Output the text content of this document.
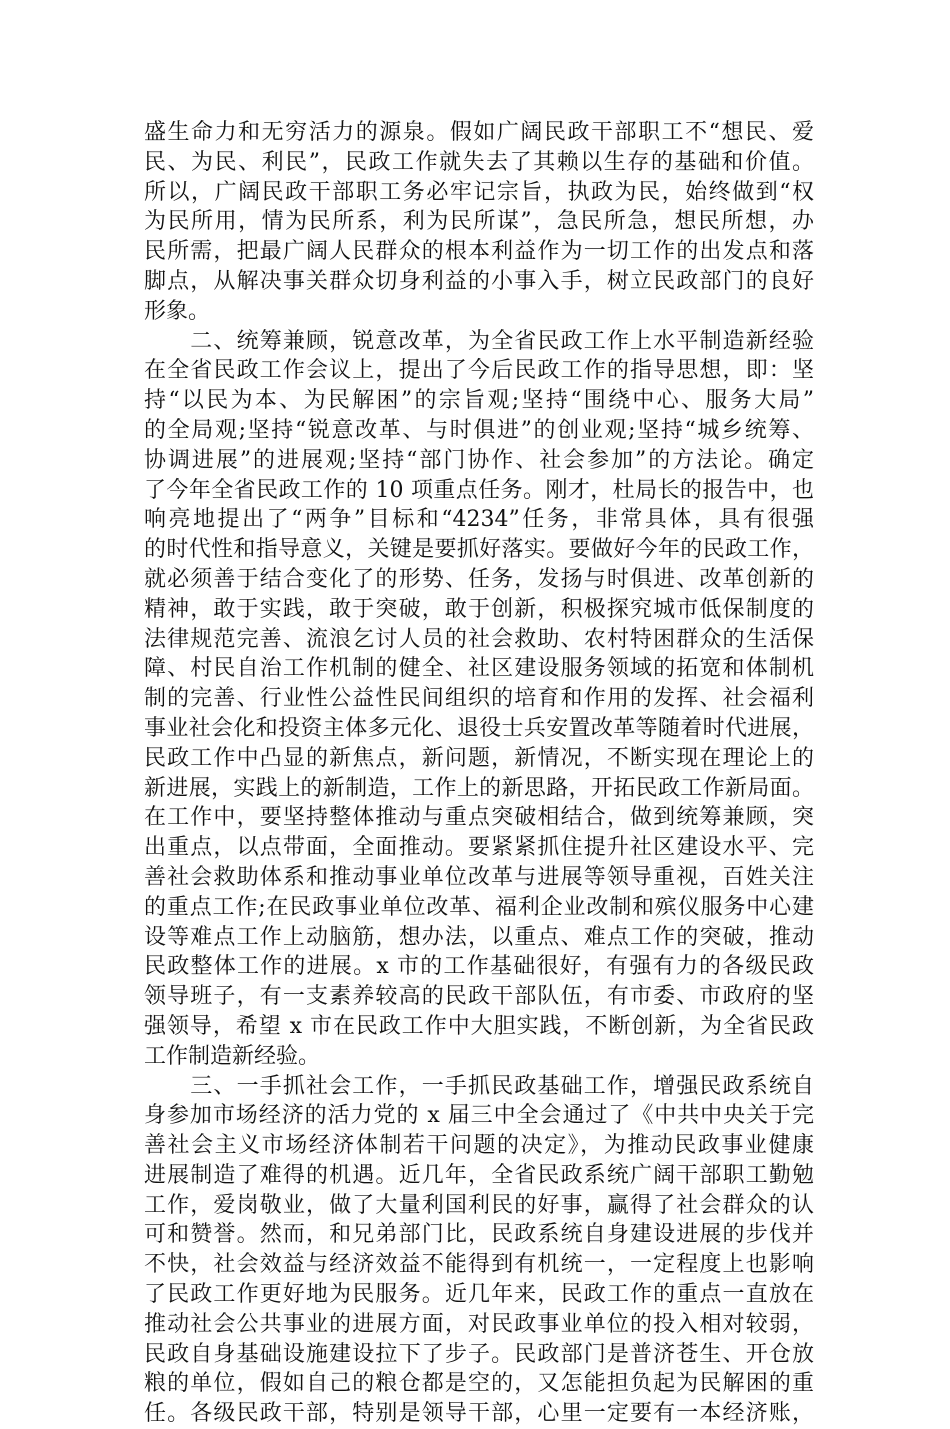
盛生命力和无穷活力的源泉。假如广阔民政干部职工不“想民、爱
民、为民、利民”，民政工作就失去了其赖以生存的基础和价值。
所以，广阔民政干部职工务必牢记宗旨，执政为民，始终做到“权
为民所用，情为民所系，利为民所谋”，急民所急，想民所想，办
民所需，把最广阔人民群众的根本利益作为一切工作的出发点和落
脚点，从解决事关群众切身利益的小事入手，树立民政部门的良好
形象。
　　二、统筹兼顾，锐意改革，为全省民政工作上水平制造新经验
在全省民政工作会议上，提出了今后民政工作的指导思想，即：坚
持“以民为本、为民解困”的宗旨观;坚持“围绕中心、服务大局”
的全局观;坚持“锐意改革、与时俱进”的创业观;坚持“城乡统筹、
协调进展”的进展观;坚持“部门协作、社会参加”的方法论。确定
了今年全省民政工作的 10 项重点任务。刚才，杜局长的报告中，也
响亮地提出了“两争”目标和“4234”任务，非常具体，具有很强
的时代性和指导意义，关键是要抓好落实。要做好今年的民政工作，
就必须善于结合变化了的形势、任务，发扬与时俱进、改革创新的
精神，敢于实践，敢于突破，敢于创新，积极探究城市低保制度的
法律规范完善、流浪乞讨人员的社会救助、农村特困群众的生活保
障、村民自治工作机制的健全、社区建设服务领域的拓宽和体制机
制的完善、行业性公益性民间组织的培育和作用的发挥、社会福利
事业社会化和投资主体多元化、退役士兵安置改革等随着时代进展，
民政工作中凸显的新焦点，新问题，新情况，不断实现在理论上的
新进展，实践上的新制造，工作上的新思路，开拓民政工作新局面。
在工作中，要坚持整体推动与重点突破相结合，做到统筹兼顾，突
出重点，以点带面，全面推动。要紧紧抓住提升社区建设水平、完
善社会救助体系和推动事业单位改革与进展等领导重视，百姓关注
的重点工作;在民政事业单位改革、福利企业改制和殡仪服务中心建
设等难点工作上动脑筋，想办法，以重点、难点工作的突破，推动
民政整体工作的进展。x 市的工作基础很好，有强有力的各级民政
领导班子，有一支素养较高的民政干部队伍，有市委、市政府的坚
强领导，希望 x 市在民政工作中大胆实践，不断创新，为全省民政
工作制造新经验。
　　三、一手抓社会工作，一手抓民政基础工作，增强民政系统自
身参加市场经济的活力党的 x 届三中全会通过了《中共中央关于完
善社会主义市场经济体制若干问题的决定》，为推动民政事业健康
进展制造了难得的机遇。近几年，全省民政系统广阔干部职工勤勉
工作，爱岗敬业，做了大量利国利民的好事，赢得了社会群众的认
可和赞誉。然而，和兄弟部门比，民政系统自身建设进展的步伐并
不快，社会效益与经济效益不能得到有机统一，一定程度上也影响
了民政工作更好地为民服务。近几年来，民政工作的重点一直放在
推动社会公共事业的进展方面，对民政事业单位的投入相对较弱，
民政自身基础设施建设拉下了步子。民政部门是普济苍生、开仓放
粮的单位，假如自己的粮仓都是空的，又怎能担负起为民解困的重
任。各级民政干部，特别是领导干部，心里一定要有一本经济账，
